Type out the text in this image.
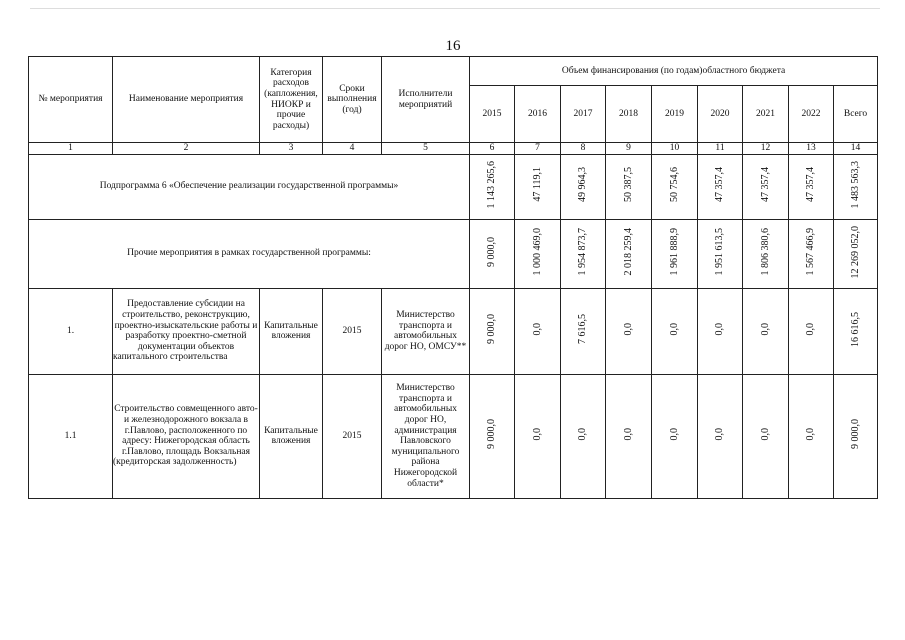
16
№ мероприятия	Наименование мероприятия	Категория расходов (капложения, НИОКР и прочие расходы)	Сроки выполнения (год)	Исполнители мероприятий	Объем финансирования (по годам)областного бюджета								
					2015	2016	2017	2018	2019	2020	2021	2022	Всего
1	2	3	4	5	6	7	8	9	10	11	12	13	14
Подпрограмма 6 «Обеспечение реализации государственной программы»					1 143 265,6	47 119,1	49 964,3	50 387,5	50 754,6	47 357,4	47 357,4	47 357,4	1 483 563,3
Прочие мероприятия в рамках государственной программы:					9 000,0	1 000 469,0	1 954 873,7	2 018 259,4	1 961 888,9	1 951 613,5	1 806 380,6	1 567 466,9	12 269 052,0
1.	Предоставление субсидии на строительство, реконструкцию, проектно-изыскательские работы и разработку проектно-сметной документации объектов капитального строительства	Капитальные вложения	2015	Министерство транспорта и автомобильных дорог НО, ОМСУ**	9 000,0	0,0	7 616,5	0,0	0,0	0,0	0,0	0,0	16 616,5
1.1	Строительство совмещенного авто- и железнодорожного вокзала в г.Павлово, расположенного по адресу: Нижегородская область г.Павлово, площадь Вокзальная (кредиторская задолженность)	Капитальные вложения	2015	Министерство транспорта и автомобильных дорог НО, администрация Павловского муниципального района Нижегородской области*	9 000,0	0,0	0,0	0,0	0,0	0,0	0,0	0,0	9 000,0
